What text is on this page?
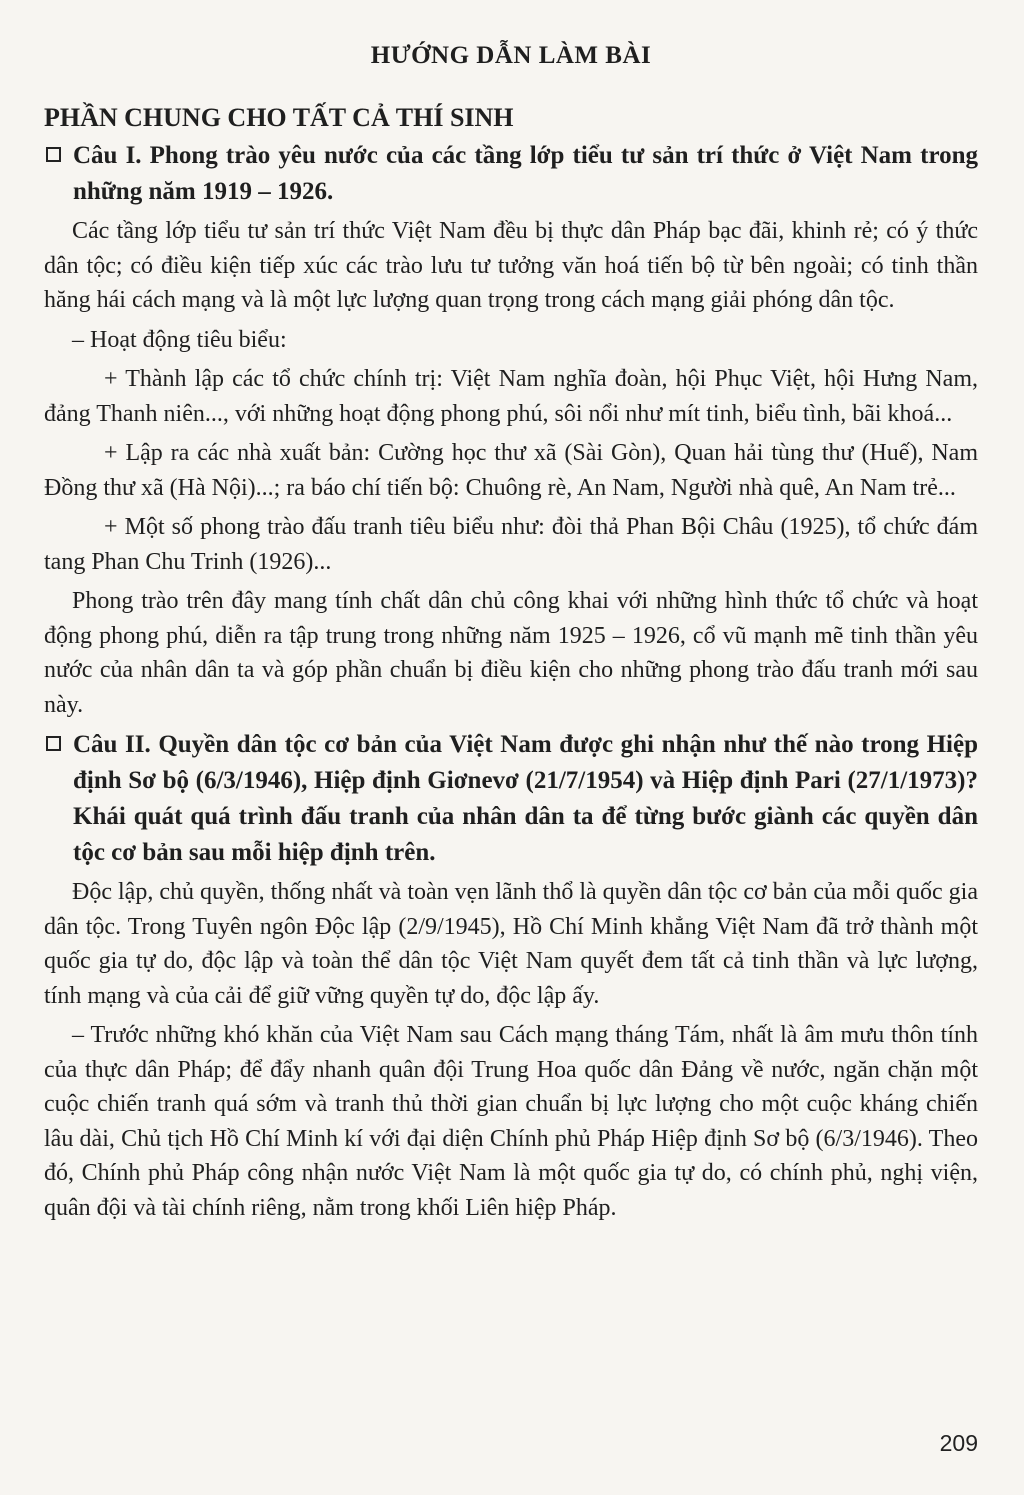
HƯỚNG DẪN LÀM BÀI
PHẦN CHUNG CHO TẤT CẢ THÍ SINH
Câu I. Phong trào yêu nước của các tầng lớp tiểu tư sản trí thức ở Việt Nam trong những năm 1919 – 1926.

Các tầng lớp tiểu tư sản trí thức Việt Nam đều bị thực dân Pháp bạc đãi, khinh rẻ; có ý thức dân tộc; có điều kiện tiếp xúc các trào lưu tư tưởng văn hoá tiến bộ từ bên ngoài; có tinh thần hăng hái cách mạng và là một lực lượng quan trọng trong cách mạng giải phóng dân tộc.

– Hoạt động tiêu biểu:

+ Thành lập các tổ chức chính trị: Việt Nam nghĩa đoàn, hội Phục Việt, hội Hưng Nam, đảng Thanh niên..., với những hoạt động phong phú, sôi nổi như mít tinh, biểu tình, bãi khoá...

+ Lập ra các nhà xuất bản: Cường học thư xã (Sài Gòn), Quan hải tùng thư (Huế), Nam Đồng thư xã (Hà Nội)...; ra báo chí tiến bộ: Chuông rè, An Nam, Người nhà quê, An Nam trẻ...

+ Một số phong trào đấu tranh tiêu biểu như: đòi thả Phan Bội Châu (1925), tổ chức đám tang Phan Chu Trinh (1926)...

Phong trào trên đây mang tính chất dân chủ công khai với những hình thức tổ chức và hoạt động phong phú, diễn ra tập trung trong những năm 1925 – 1926, cổ vũ mạnh mẽ tinh thần yêu nước của nhân dân ta và góp phần chuẩn bị điều kiện cho những phong trào đấu tranh mới sau này.

Câu II. Quyền dân tộc cơ bản của Việt Nam được ghi nhận như thế nào trong Hiệp định Sơ bộ (6/3/1946), Hiệp định Giơnevơ (21/7/1954) và Hiệp định Pari (27/1/1973)? Khái quát quá trình đấu tranh của nhân dân ta để từng bước giành các quyền dân tộc cơ bản sau mỗi hiệp định trên.

Độc lập, chủ quyền, thống nhất và toàn vẹn lãnh thổ là quyền dân tộc cơ bản của mỗi quốc gia dân tộc. Trong Tuyên ngôn Độc lập (2/9/1945), Hồ Chí Minh khẳng Việt Nam đã trở thành một quốc gia tự do, độc lập và toàn thể dân tộc Việt Nam quyết đem tất cả tinh thần và lực lượng, tính mạng và của cải để giữ vững quyền tự do, độc lập ấy.

– Trước những khó khăn của Việt Nam sau Cách mạng tháng Tám, nhất là âm mưu thôn tính của thực dân Pháp; để đẩy nhanh quân đội Trung Hoa quốc dân Đảng về nước, ngăn chặn một cuộc chiến tranh quá sớm và tranh thủ thời gian chuẩn bị lực lượng cho một cuộc kháng chiến lâu dài, Chủ tịch Hồ Chí Minh kí với đại diện Chính phủ Pháp Hiệp định Sơ bộ (6/3/1946). Theo đó, Chính phủ Pháp công nhận nước Việt Nam là một quốc gia tự do, có chính phủ, nghị viện, quân đội và tài chính riêng, nằm trong khối Liên hiệp Pháp.

209
